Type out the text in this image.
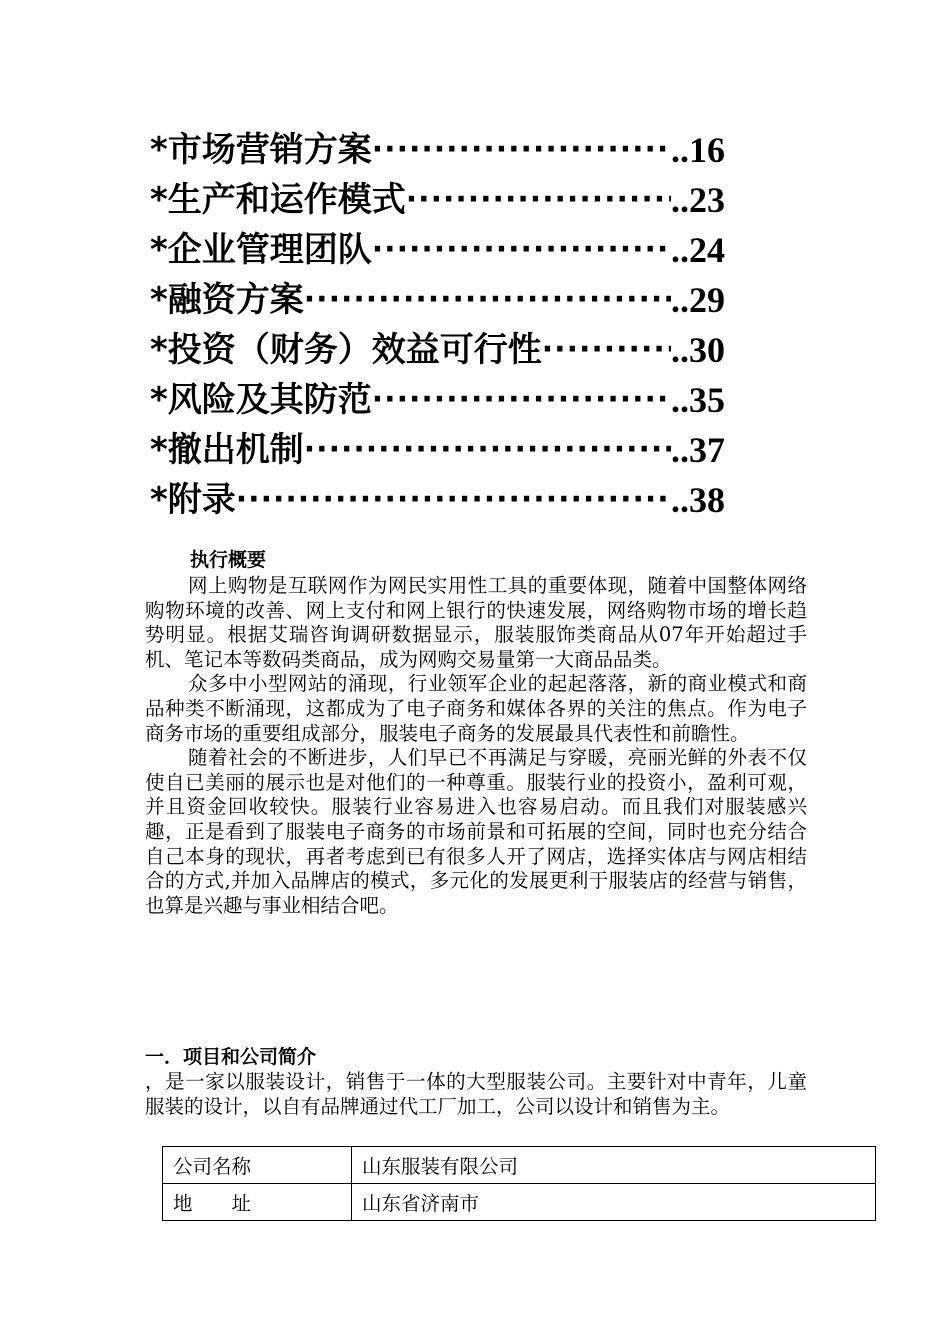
*市场营销方案 ·····	..16
*生产和运作模式 ·····	..23
*企业管理团队 ·····	..24
*融资方案 ·····	..29
*投资（财务）效益可行性 ·····	..30
*风险及其防范 ·····	..35
*撤出机制 ·····	..37
*附录 ·····	..38
执行概要

网上购物是互联网作为网民实用性工具的重要体现，随着中国整体网络购物环境的改善、网上支付和网上银行的快速发展，网络购物市场的增长趋势明显。根据艾瑞咨询调研数据显示，服装服饰类商品从07年开始超过手机、笔记本等数码类商品，成为网购交易量第一大商品品类。

众多中小型网站的涌现，行业领军企业的起起落落，新的商业模式和商品种类不断涌现，这都成为了电子商务和媒体各界的关注的焦点。作为电子商务市场的重要组成部分，服装电子商务的发展最具代表性和前瞻性。

随着社会的不断进步，人们早已不再满足与穿暖，亮丽光鲜的外表不仅使自已美丽的展示也是对他们的一种尊重。服装行业的投资小，盈利可观，并且资金回收较快。服装行业容易进入也容易启动。而且我们对服装感兴趣，正是看到了服装电子商务的市场前景和可拓展的空间，同时也充分结合自己本身的现状，再者考虑到已有很多人开了网店，选择实体店与网店相结合的方式,并加入品牌店的模式，多元化的发展更利于服装店的经营与销售，也算是兴趣与事业相结合吧。

一．项目和公司简介

，是一家以服装设计，销售于一体的大型服装公司。主要针对中青年，儿童服装的设计，以自有品牌通过代工厂加工，公司以设计和销售为主。

公司名称	山东服装有限公司
地　　址	山东省济南市
